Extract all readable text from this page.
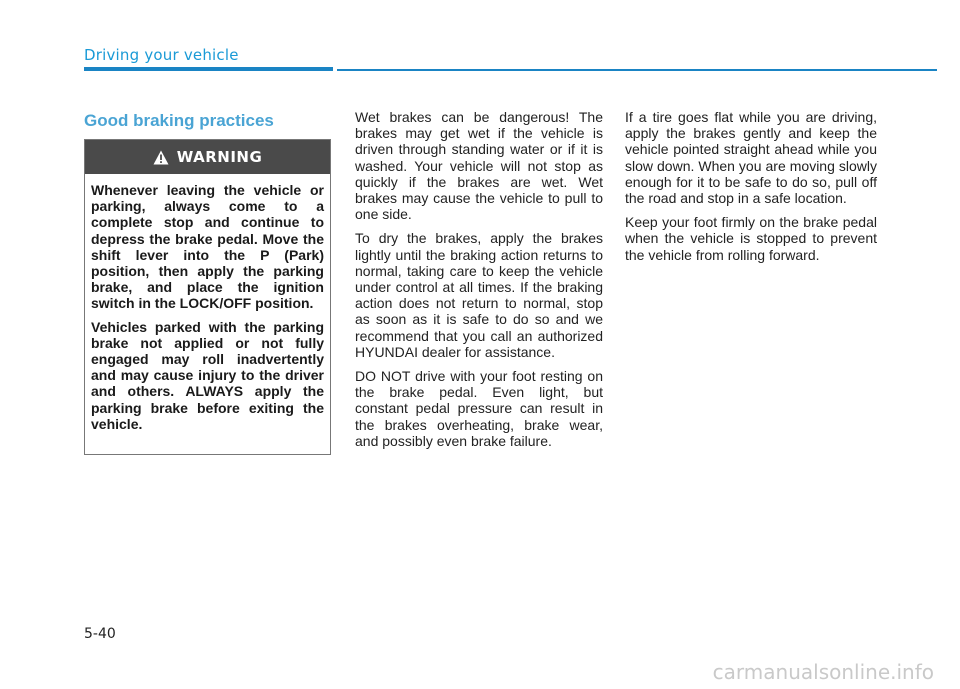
Driving your vehicle
Good braking practices
WARNING

Whenever leaving the vehicle or parking, always come to a complete stop and continue to depress the brake pedal. Move the shift lever into the P (Park) position, then apply the parking brake, and place the ignition switch in the LOCK/OFF position.

Vehicles parked with the parking brake not applied or not fully engaged may roll inadvertently and may cause injury to the driver and others. ALWAYS apply the parking brake before exiting the vehicle.

Wet brakes can be dangerous! The brakes may get wet if the vehicle is driven through standing water or if it is washed. Your vehicle will not stop as quickly if the brakes are wet. Wet brakes may cause the vehicle to pull to one side.

To dry the brakes, apply the brakes lightly until the braking action returns to normal, taking care to keep the vehicle under control at all times. If the braking action does not return to normal, stop as soon as it is safe to do so and we recommend that you call an authorized HYUNDAI dealer for assistance.

DO NOT drive with your foot resting on the brake pedal. Even light, but constant pedal pressure can result in the brakes overheating, brake wear, and possibly even brake failure.

If a tire goes flat while you are driving, apply the brakes gently and keep the vehicle pointed straight ahead while you slow down. When you are moving slowly enough for it to be safe to do so, pull off the road and stop in a safe location.

Keep your foot firmly on the brake pedal when the vehicle is stopped to prevent the vehicle from rolling forward.

5-40
carmanualsonline.info
